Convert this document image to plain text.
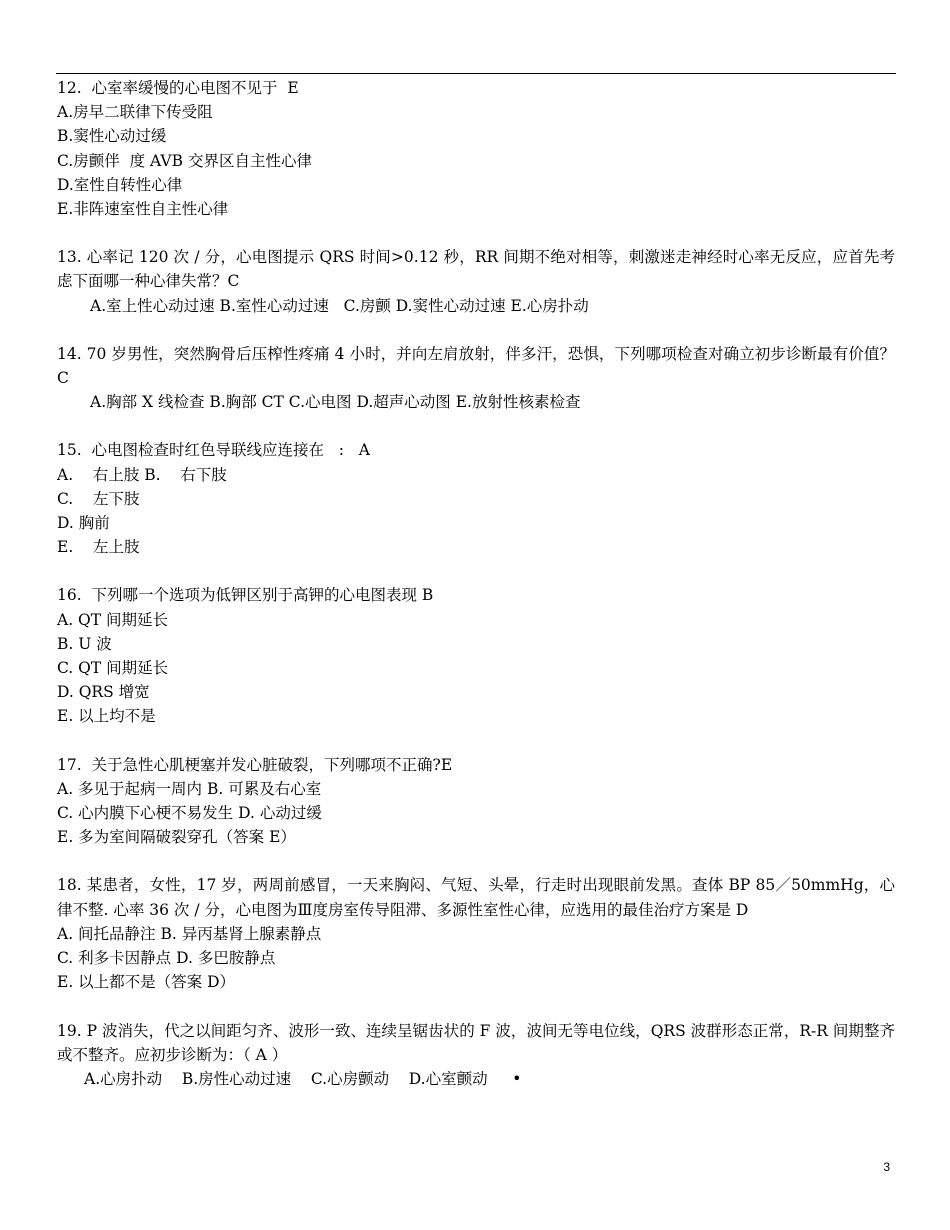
12.  心室率缓慢的心电图不见于  E
A.房早二联律下传受阻
B.窦性心动过缓
C.房颤伴  度 AVB 交界区自主性心律
D.室性自转性心律
E.非阵速室性自主性心律
13. 心率记 120 次 / 分，心电图提示 QRS 时间>0.12 秒，RR 间期不绝对相等，刺激迷走神经时心率无反应，应首先考虑下面哪一种心律失常？C
A.室上性心动过速 B.室性心动过速   C.房颤 D.窦性心动过速 E.心房扑动
14. 70 岁男性，突然胸骨后压榨性疼痛 4 小时，并向左肩放射，伴多汗，恐惧，下列哪项检查对确立初步诊断最有价值？C
A.胸部 X 线检查 B.胸部 CT C.心电图 D.超声心动图 E.放射性核素检查
15.  心电图检查时红色导联线应连接在   :   A
A.    右上肢 B.    右下肢
C.    左下肢
D. 胸前
E.    左上肢
16.  下列哪一个选项为低钾区别于高钾的心电图表现 B
A. QT 间期延长
B. U 波
C. QT 间期延长
D. QRS 增宽
E. 以上均不是
17.  关于急性心肌梗塞并发心脏破裂，下列哪项不正确?E
A. 多见于起病一周内 B. 可累及右心室
C. 心内膜下心梗不易发生 D. 心动过缓
E. 多为室间隔破裂穿孔（答案 E）
18. 某患者，女性，17 岁，两周前感冒，一天来胸闷、气短、头晕，行走时出现眼前发黑。查体 BP 85／50mmHg，心律不整. 心率 36 次 / 分，心电图为Ⅲ度房室传导阻滞、多源性室性心律，应选用的最佳治疗方案是 D
A. 间托品静注 B. 异丙基肾上腺素静点
C. 利多卡因静点 D. 多巴胺静点
E. 以上都不是（答案 D）
19. P 波消失，代之以间距匀齐、波形一致、连续呈锯齿状的 F 波，波间无等电位线，QRS 波群形态正常，R-R 间期整齐或不整齐。应初步诊断为：（ A ）
A.心房扑动    B.房性心动过速    C.心房颤动    D.心室颤动     •
3
